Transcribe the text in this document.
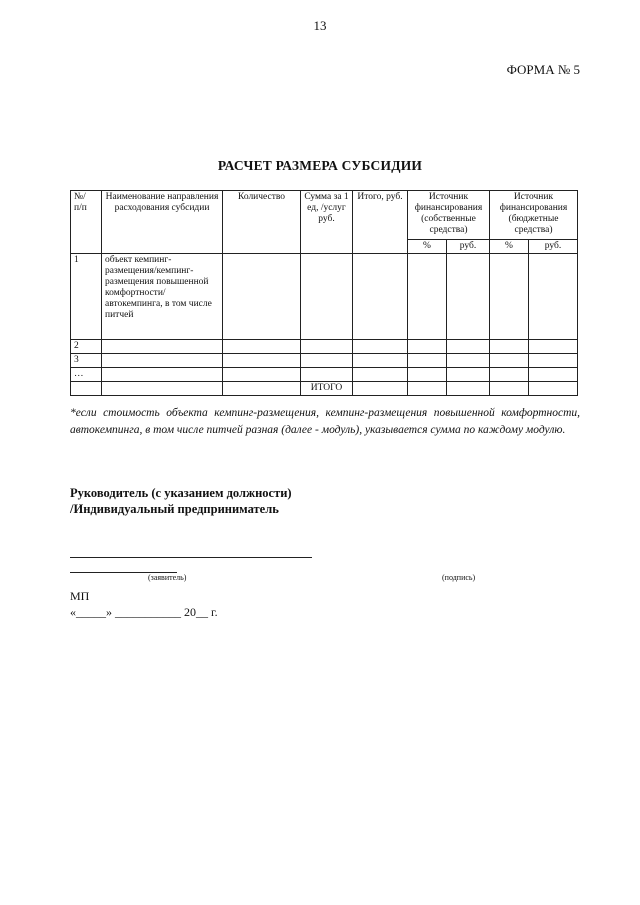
13
ФОРМА № 5
РАСЧЕТ РАЗМЕРА СУБСИДИИ
№/
п/п	Наименование направления расходования субсидии	Количество	Сумма за 1 ед, /услуг руб.	Итого, руб.	Источник финансирования (собственные средства)		Источник финансирования (бюджетные средства)	
					%	руб.	%	руб.
1	объект кемпинг-размещения/кемпинг-размещения повышенной комфортности/ автокемпинга, в том числе питчей							
2								
3								
…								
			ИТОГО					
*если стоимость объекта кемпинг-размещения, кемпинг-размещения повышенной комфортности, автокемпинга, в том числе питчей разная (далее - модуль), указывается сумма по каждому модулю.
Руководитель (с указанием должности)
/Индивидуальный предприниматель
(заявитель)	(подпись)
МП
«_____» ___________ 20__ г.
